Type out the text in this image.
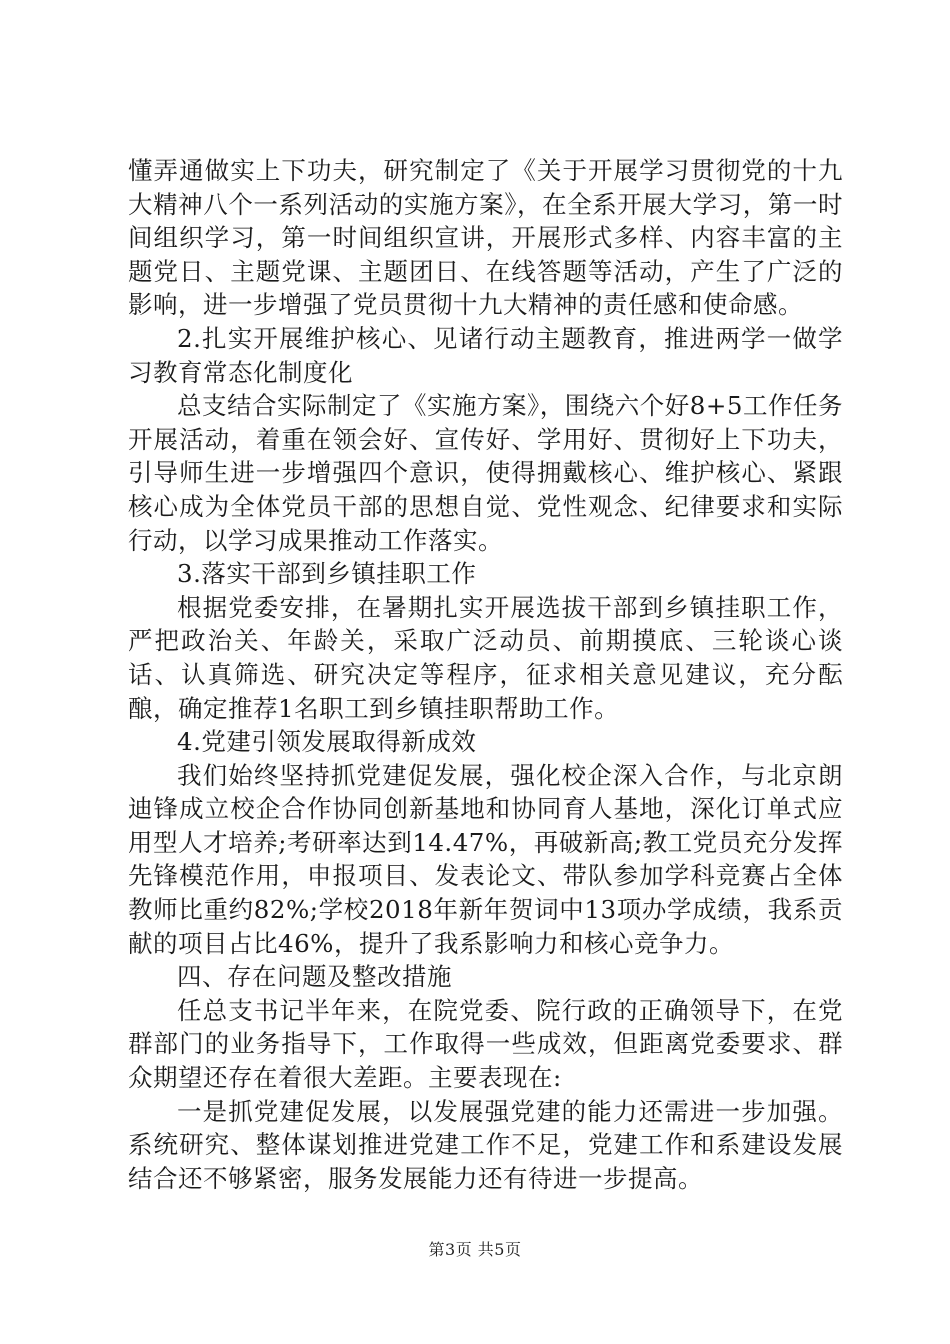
懂弄通做实上下功夫，研究制定了《关于开展学习贯彻党的十九大精神八个一系列活动的实施方案》，在全系开展大学习，第一时间组织学习，第一时间组织宣讲，开展形式多样、内容丰富的主题党日、主题党课、主题团日、在线答题等活动，产生了广泛的影响，进一步增强了党员贯彻十九大精神的责任感和使命感。

2.扎实开展维护核心、见诸行动主题教育，推进两学一做学习教育常态化制度化

总支结合实际制定了《实施方案》，围绕六个好8+5工作任务开展活动，着重在领会好、宣传好、学用好、贯彻好上下功夫，引导师生进一步增强四个意识，使得拥戴核心、维护核心、紧跟核心成为全体党员干部的思想自觉、党性观念、纪律要求和实际行动，以学习成果推动工作落实。

3.落实干部到乡镇挂职工作

根据党委安排，在暑期扎实开展选拔干部到乡镇挂职工作，严把政治关、年龄关，采取广泛动员、前期摸底、三轮谈心谈话、认真筛选、研究决定等程序，征求相关意见建议，充分酝酿，确定推荐1名职工到乡镇挂职帮助工作。

4.党建引领发展取得新成效

我们始终坚持抓党建促发展，强化校企深入合作，与北京朗迪锋成立校企合作协同创新基地和协同育人基地，深化订单式应用型人才培养;考研率达到14.47%，再破新高;教工党员充分发挥先锋模范作用，申报项目、发表论文、带队参加学科竞赛占全体教师比重约82%;学校2018年新年贺词中13项办学成绩，我系贡献的项目占比46%，提升了我系影响力和核心竞争力。

四、存在问题及整改措施

任总支书记半年来，在院党委、院行政的正确领导下，在党群部门的业务指导下，工作取得一些成效，但距离党委要求、群众期望还存在着很大差距。主要表现在:

一是抓党建促发展，以发展强党建的能力还需进一步加强。系统研究、整体谋划推进党建工作不足，党建工作和系建设发展结合还不够紧密，服务发展能力还有待进一步提高。

第3页 共5页
